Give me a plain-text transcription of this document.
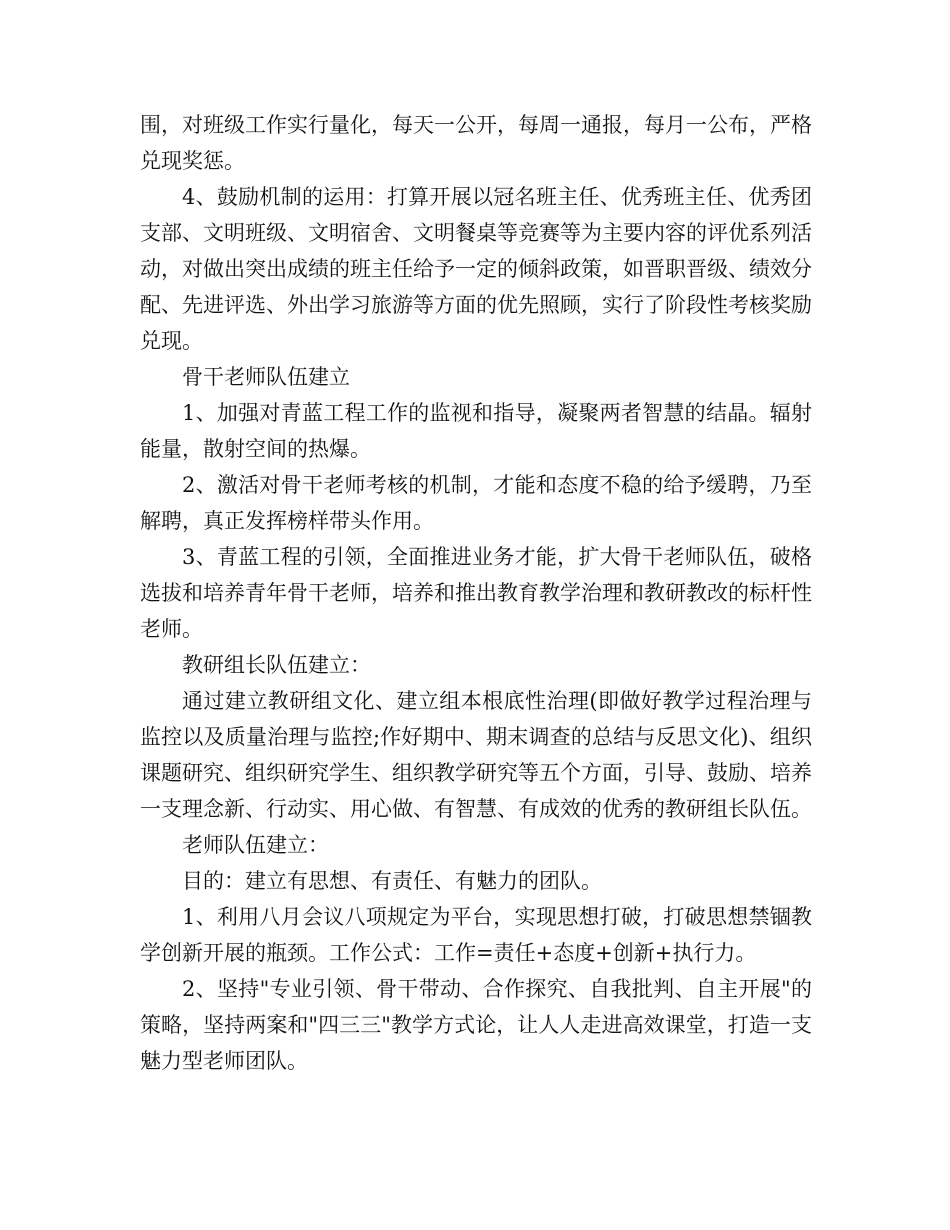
围，对班级工作实行量化，每天一公开，每周一通报，每月一公布，严格兑现奖惩。

4、鼓励机制的运用：打算开展以冠名班主任、优秀班主任、优秀团支部、文明班级、文明宿舍、文明餐桌等竞赛等为主要内容的评优系列活动，对做出突出成绩的班主任给予一定的倾斜政策，如晋职晋级、绩效分配、先进评选、外出学习旅游等方面的优先照顾，实行了阶段性考核奖励兑现。

骨干老师队伍建立

1、加强对青蓝工程工作的监视和指导，凝聚两者智慧的结晶。辐射能量，散射空间的热爆。

2、激活对骨干老师考核的机制，才能和态度不稳的给予缓聘，乃至解聘，真正发挥榜样带头作用。

3、青蓝工程的引领，全面推进业务才能，扩大骨干老师队伍，破格选拔和培养青年骨干老师，培养和推出教育教学治理和教研教改的标杆性老师。

教研组长队伍建立：

通过建立教研组文化、建立组本根底性治理(即做好教学过程治理与监控以及质量治理与监控;作好期中、期末调查的总结与反思文化)、组织课题研究、组织研究学生、组织教学研究等五个方面，引导、鼓励、培养一支理念新、行动实、用心做、有智慧、有成效的优秀的教研组长队伍。

老师队伍建立：

目的：建立有思想、有责任、有魅力的团队。

1、利用八月会议八项规定为平台，实现思想打破，打破思想禁锢教学创新开展的瓶颈。工作公式：工作=责任+态度+创新+执行力。

2、坚持"专业引领、骨干带动、合作探究、自我批判、自主开展"的策略，坚持两案和"四三三"教学方式论，让人人走进高效课堂，打造一支魅力型老师团队。
